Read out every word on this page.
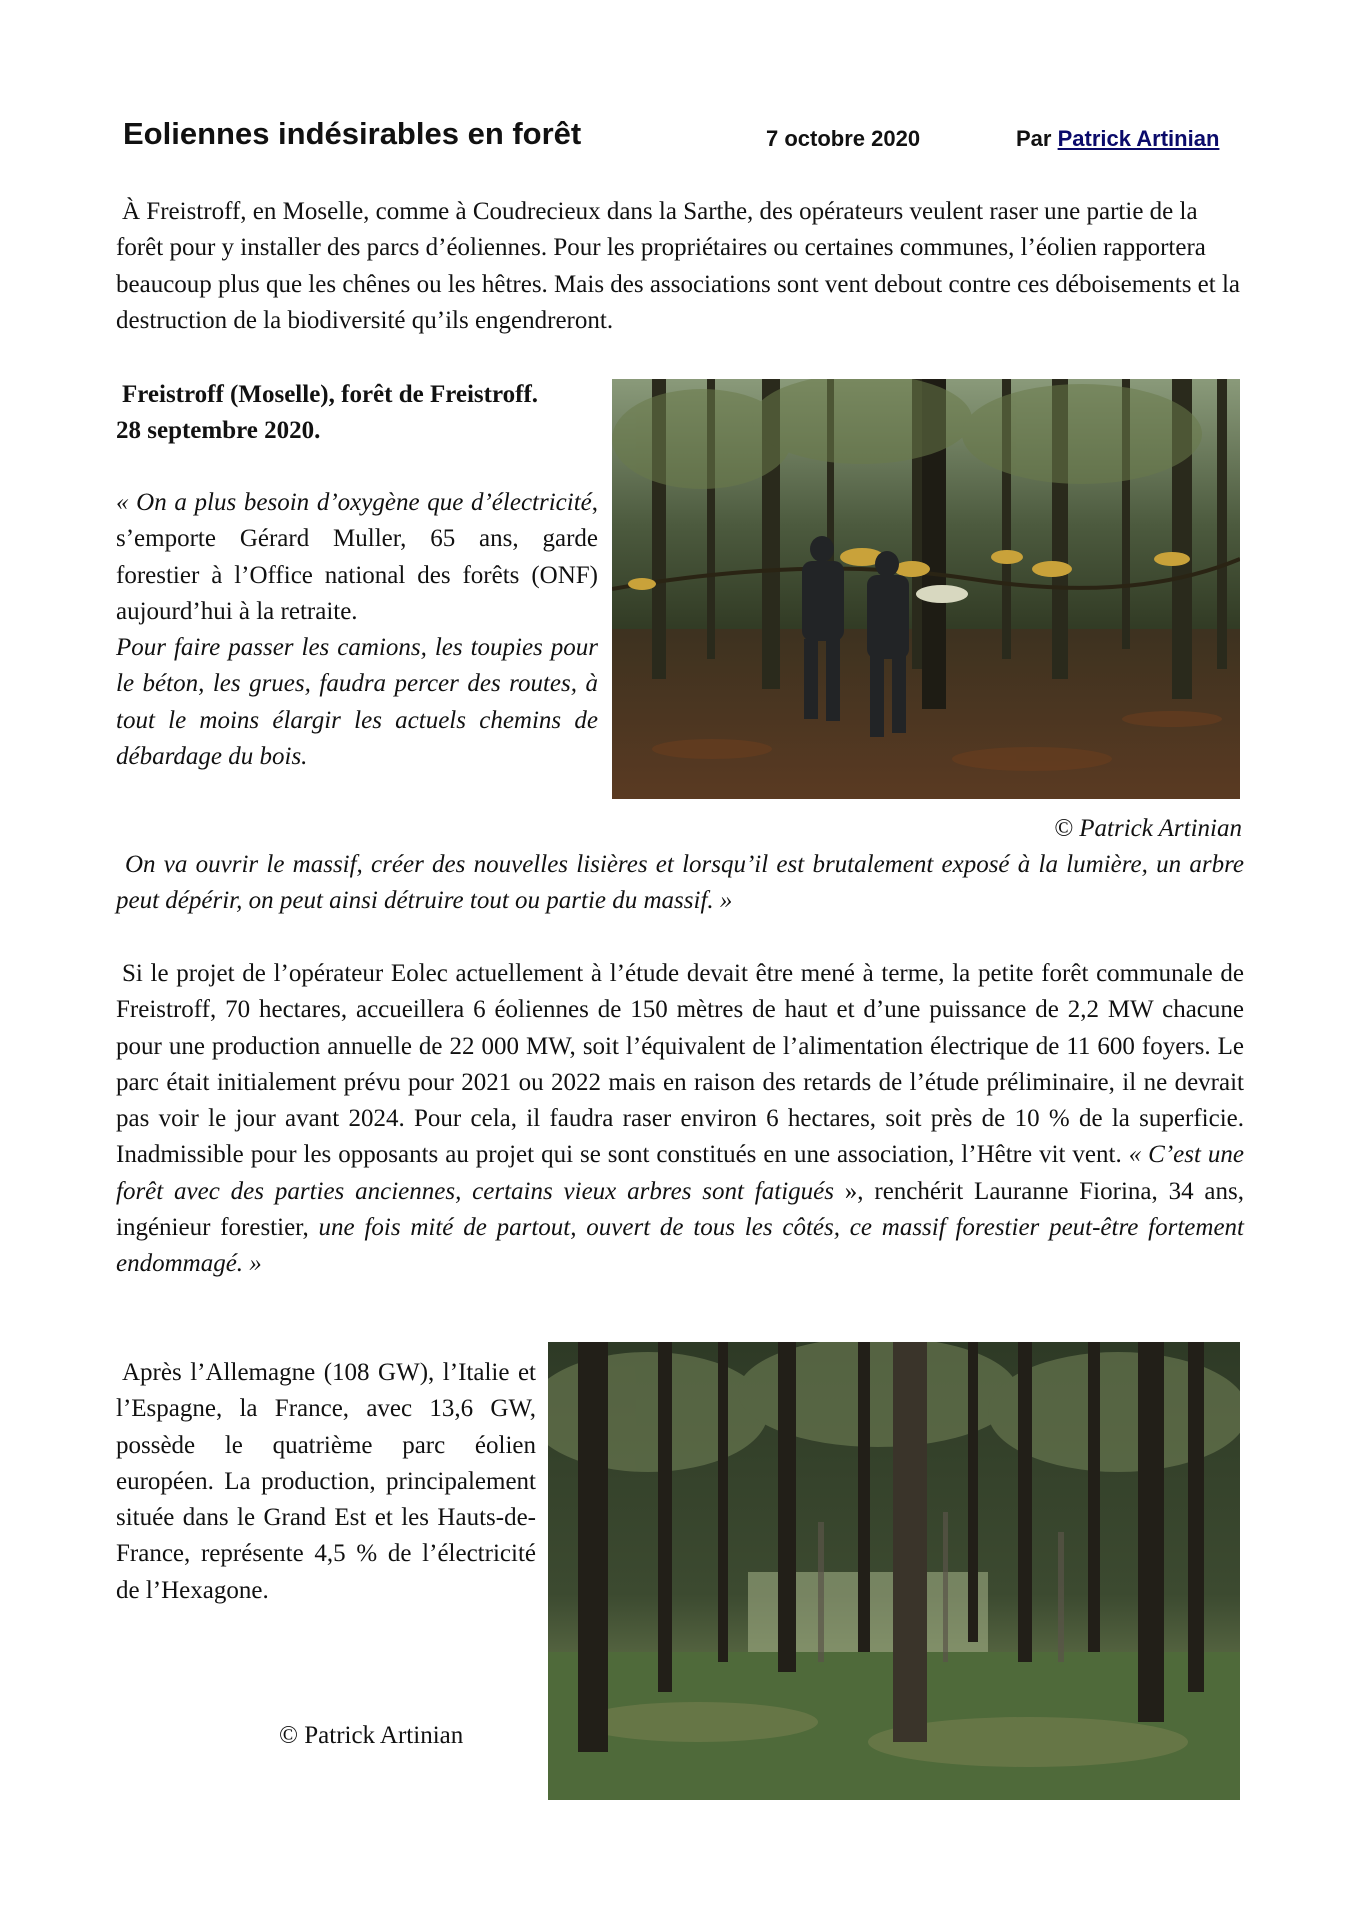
Eoliennes indésirables en forêt	7 octobre 2020	Par Patrick Artinian
À Freistroff, en Moselle, comme à Coudrecieux dans la Sarthe, des opérateurs veulent raser une partie de la forêt pour y installer des parcs d’éoliennes. Pour les propriétaires ou certaines communes, l’éolien rapportera beaucoup plus que les chênes ou les hêtres. Mais des associations sont vent debout contre ces déboisements et la destruction de la biodiversité qu’ils engendreront.
Freistroff (Moselle), forêt de Freistroff.
28 septembre 2020.
« On a plus besoin d’oxygène que d’électricité, s’emporte Gérard Muller, 65 ans, garde forestier à l’Office national des forêts (ONF) aujourd’hui à la retraite.
Pour faire passer les camions, les toupies pour le béton, les grues, faudra percer des routes, à tout le moins élargir les actuels chemins de débardage du bois.
© Patrick Artinian
On va ouvrir le massif, créer des nouvelles lisières et lorsqu’il est brutalement exposé à la lumière, un arbre peut dépérir, on peut ainsi détruire tout ou partie du massif. »
Si le projet de l’opérateur Eolec actuellement à l’étude devait être mené à terme, la petite forêt communale de Freistroff, 70 hectares, accueillera 6 éoliennes de 150 mètres de haut et d’une puissance de 2,2 MW chacune pour une production annuelle de 22 000 MW, soit l’équivalent de l’alimentation électrique de 11 600 foyers. Le parc était initialement prévu pour 2021 ou 2022 mais en raison des retards de l’étude préliminaire, il ne devrait pas voir le jour avant 2024. Pour cela, il faudra raser environ 6 hectares, soit près de 10 % de la superficie. Inadmissible pour les opposants au projet qui se sont constitués en une association, l’Hêtre vit vent. « C’est une forêt avec des parties anciennes, certains vieux arbres sont fatigués », renchérit Lauranne Fiorina, 34 ans, ingénieur forestier, une fois mité de partout, ouvert de tous les côtés, ce massif forestier peut-être fortement endommagé. »
Après l’Allemagne (108 GW), l’Italie et l’Espagne, la France, avec 13,6 GW, possède le quatrième parc éolien européen. La production, principalement située dans le Grand Est et les Hauts-de-France, représente 4,5 % de l’électricité de l’Hexagone.
© Patrick Artinian
